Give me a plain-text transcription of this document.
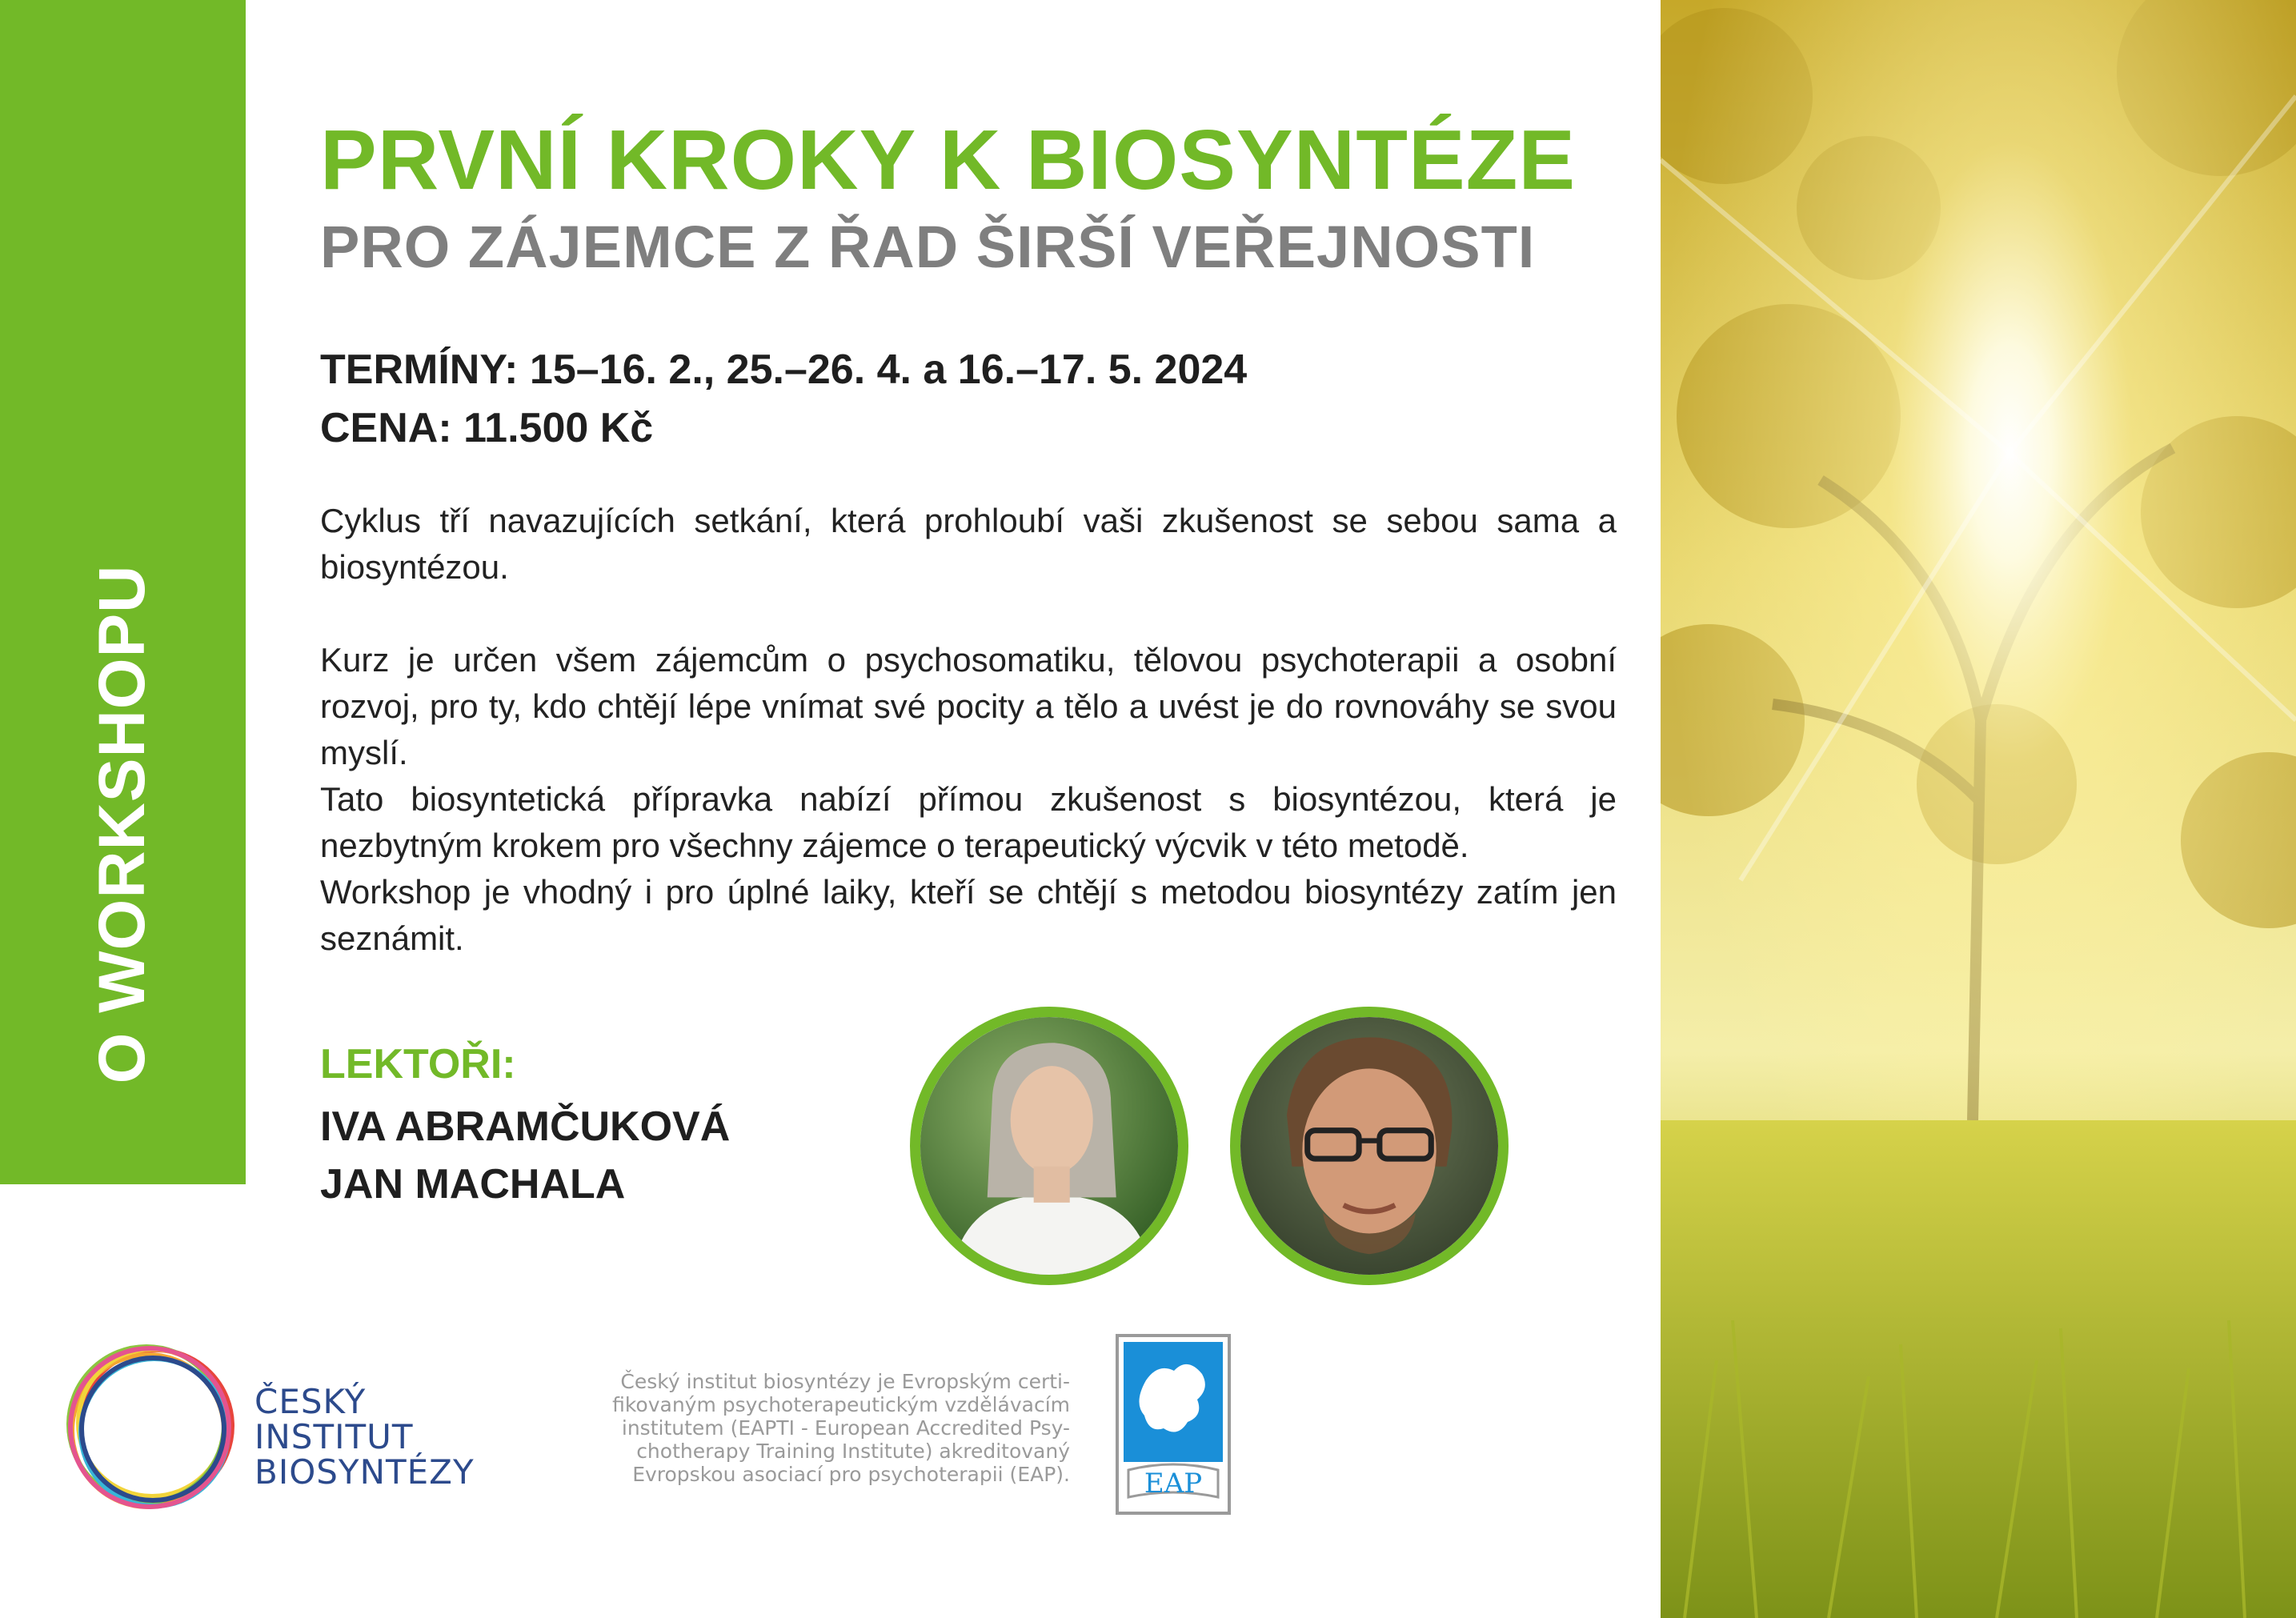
O WORKSHOPU
PRVNÍ KROKY K BIOSYNTÉZE
PRO ZÁJEMCE Z ŘAD ŠIRŠÍ VEŘEJNOSTI
TERMÍNY: 15–16. 2., 25.–26. 4. a 16.–17. 5. 2024
CENA: 11.500 Kč

Cyklus tří navazujících setkání, která prohloubí vaši zkušenost se sebou sama a biosyntézou.

Kurz je určen všem zájemcům o psychosomatiku, tělovou psychoterapii a osobní rozvoj, pro ty, kdo chtějí lépe vnímat své pocity a tělo a uvést je do rovnováhy se svou myslí.

Tato biosyntetická přípravka nabízí přímou zkušenost s biosyntézou, která je nezbytným krokem pro všechny zájemce o terapeutický výcvik v této metodě.

Workshop je vhodný i pro úplné laiky, kteří se chtějí s metodou biosyntézy zatím jen seznámit.

LEKTOŘI:
IVA ABRAMČUKOVÁ
JAN MACHALA
ČESKÝ
INSTITUT
BIOSYNTÉZY
Český institut biosyntézy je Evropským certi-
fikovaným psychoterapeutickým vzdělávacím
institutem (EAPTI - European Accredited Psy-
chotherapy Training Institute) akreditovaný
Evropskou asociací pro psychoterapii (EAP).	EAP
